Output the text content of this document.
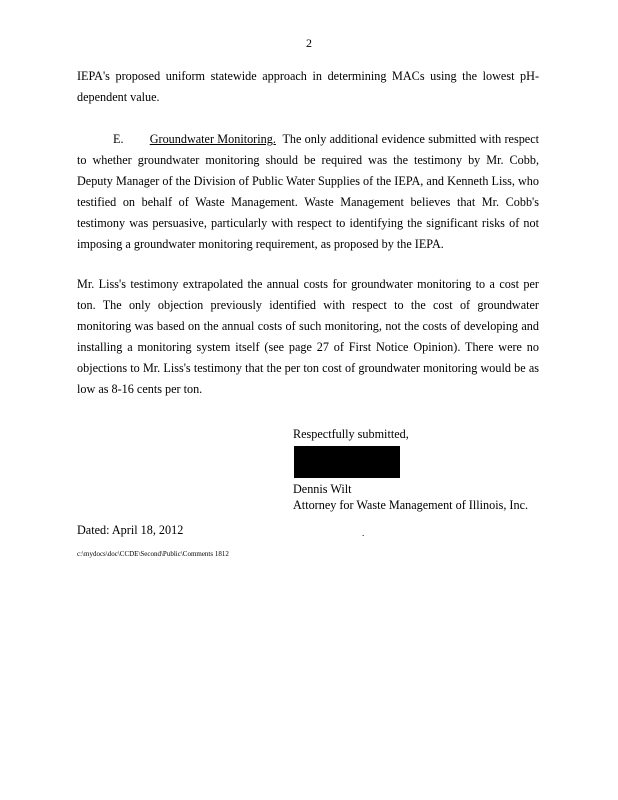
2

IEPA's proposed uniform statewide approach in determining MACs using the lowest pH-dependent value.

E. Groundwater Monitoring. The only additional evidence submitted with respect to whether groundwater monitoring should be required was the testimony by Mr. Cobb, Deputy Manager of the Division of Public Water Supplies of the IEPA, and Kenneth Liss, who testified on behalf of Waste Management. Waste Management believes that Mr. Cobb's testimony was persuasive, particularly with respect to identifying the significant risks of not imposing a groundwater monitoring requirement, as proposed by the IEPA.

Mr. Liss's testimony extrapolated the annual costs for groundwater monitoring to a cost per ton. The only objection previously identified with respect to the cost of groundwater monitoring was based on the annual costs of such monitoring, not the costs of developing and installing a monitoring system itself (see page 27 of First Notice Opinion). There were no objections to Mr. Liss's testimony that the per ton cost of groundwater monitoring would be as low as 8-16 cents per ton.

Respectfully submitted,
Dennis Wilt
Attorney for Waste Management of Illinois, Inc.
Dated: April 18, 2012	.
c:\mydocs\doc\CCDE\Second\Public\Comments 1812
